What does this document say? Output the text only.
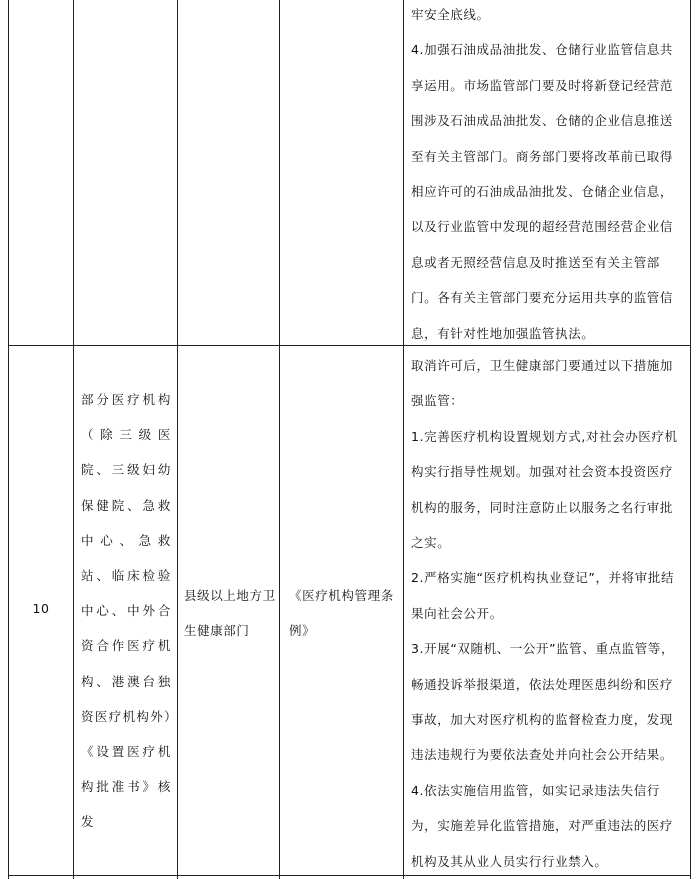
牢安全底线。

4.加强石油成品油批发、仓储行业监管信息共享运用。市场监管部门要及时将新登记经营范围涉及石油成品油批发、仓储的企业信息推送至有关主管部门。商务部门要将改革前已取得相应许可的石油成品油批发、仓储企业信息，以及行业监管中发现的超经营范围经营企业信息或者无照经营信息及时推送至有关主管部门。各有关主管部门要充分运用共享的监管信息，有针对性地加强监管执法。

10
部分医疗机构（除三级医院、三级妇幼保健院、急救中心、急救站、临床检验中心、中外合资合作医疗机构、港澳台独资医疗机构外）《设置医疗机构批准书》核发
县级以上地方卫生健康部门
《医疗机构管理条例》

取消许可后，卫生健康部门要通过以下措施加强监管：

1.完善医疗机构设置规划方式,对社会办医疗机构实行指导性规划。加强对社会资本投资医疗机构的服务，同时注意防止以服务之名行审批之实。

2.严格实施“医疗机构执业登记”，并将审批结果向社会公开。

3.开展“双随机、一公开”监管、重点监管等，畅通投诉举报渠道，依法处理医患纠纷和医疗事故，加大对医疗机构的监督检查力度，发现违法违规行为要依法查处并向社会公开结果。

4.依法实施信用监管，如实记录违法失信行为，实施差异化监管措施，对严重违法的医疗机构及其从业人员实行行业禁入。
